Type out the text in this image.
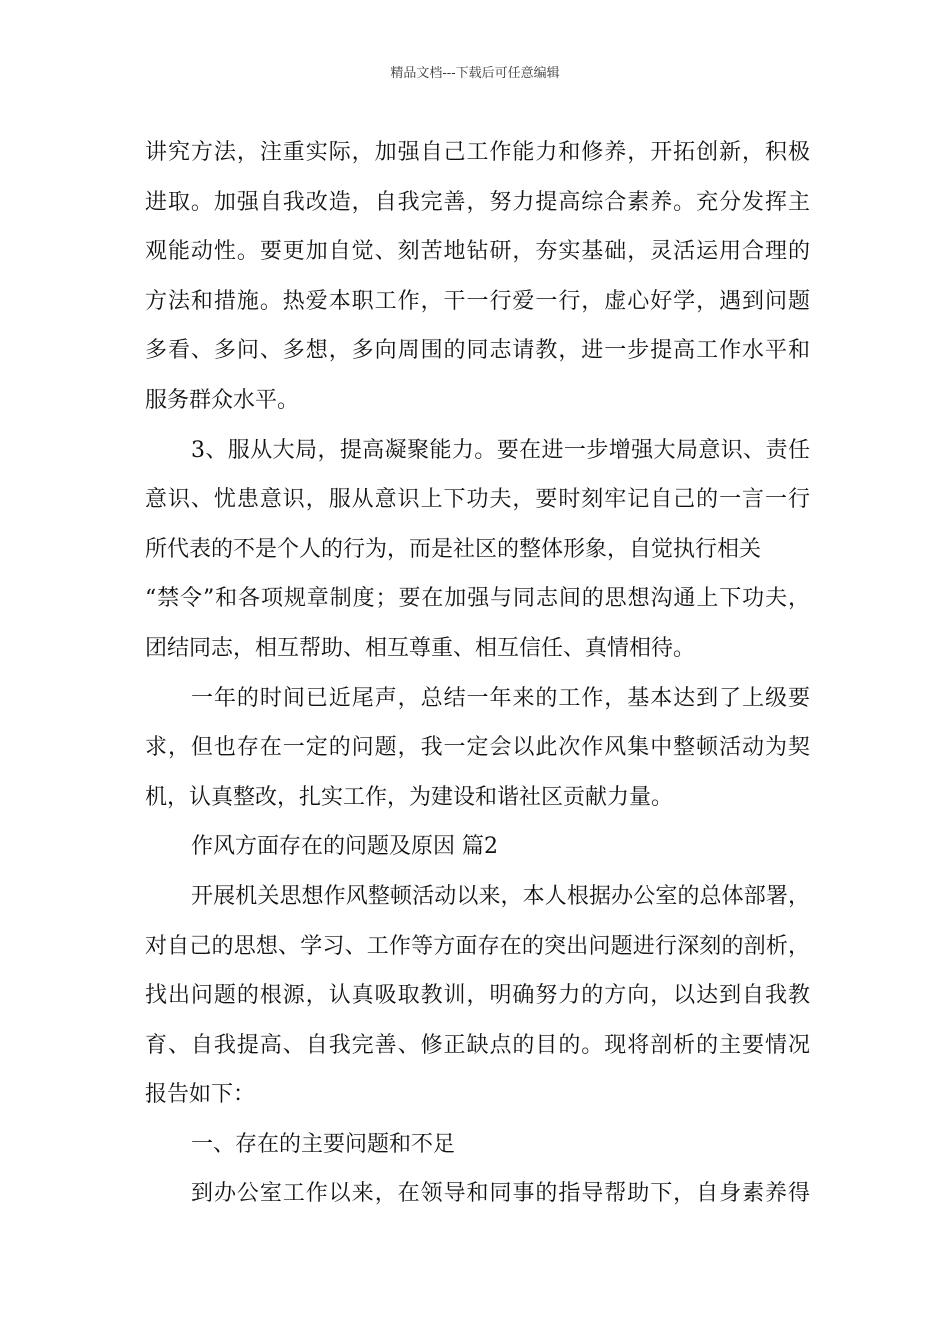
精品文档---下载后可任意编辑
讲究方法，注重实际，加强自己工作能力和修养，开拓创新，积极
进取。加强自我改造，自我完善，努力提高综合素养。充分发挥主
观能动性。要更加自觉、刻苦地钻研，夯实基础，灵活运用合理的
方法和措施。热爱本职工作，干一行爱一行，虚心好学，遇到问题
多看、多问、多想，多向周围的同志请教，进一步提高工作水平和
服务群众水平。
3、服从大局，提高凝聚能力。要在进一步增强大局意识、责任
意识、忧患意识，服从意识上下功夫，要时刻牢记自己的一言一行
所代表的不是个人的行为，而是社区的整体形象，自觉执行相关
“禁令”和各项规章制度；要在加强与同志间的思想沟通上下功夫，
团结同志，相互帮助、相互尊重、相互信任、真情相待。
一年的时间已近尾声，总结一年来的工作，基本达到了上级要
求，但也存在一定的问题，我一定会以此次作风集中整顿活动为契
机，认真整改，扎实工作，为建设和谐社区贡献力量。
作风方面存在的问题及原因 篇2
开展机关思想作风整顿活动以来，本人根据办公室的总体部署，
对自己的思想、学习、工作等方面存在的突出问题进行深刻的剖析，
找出问题的根源，认真吸取教训，明确努力的方向，以达到自我教
育、自我提高、自我完善、修正缺点的目的。现将剖析的主要情况
报告如下：
一、存在的主要问题和不足
到办公室工作以来，在领导和同事的指导帮助下，自身素养得
